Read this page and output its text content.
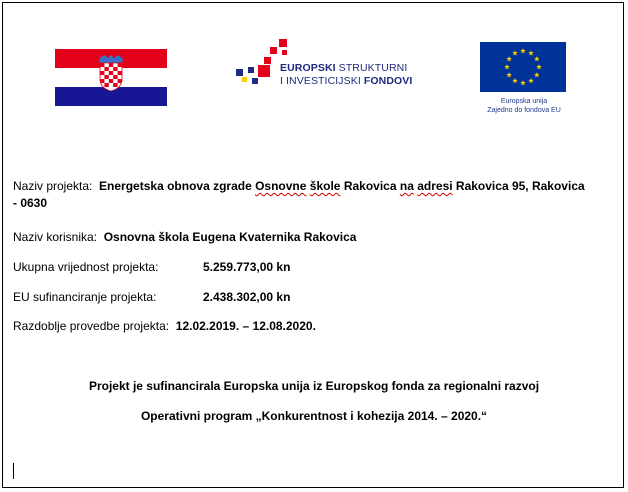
EUROPSKI STRUKTURNI
I INVESTICIJSKI FONDOVI
Europska unija
Zajedno do fondova EU
Naziv projekta: Energetska obnova zgrade Osnovne škole Rakovica na adresi Rakovica 95, Rakovica
- 0630
Naziv korisnika: Osnovna škola Eugena Kvaternika Rakovica
Ukupna vrijednost projekta:	5.259.773,00 kn
EU sufinanciranje projekta:	2.438.302,00 kn
Razdoblje provedbe projekta: 12.02.2019. – 12.08.2020.
Projekt je sufinancirala Europska unija iz Europskog fonda za regionalni razvoj
Operativni program „Konkurentnost i kohezija 2014. – 2020.“
